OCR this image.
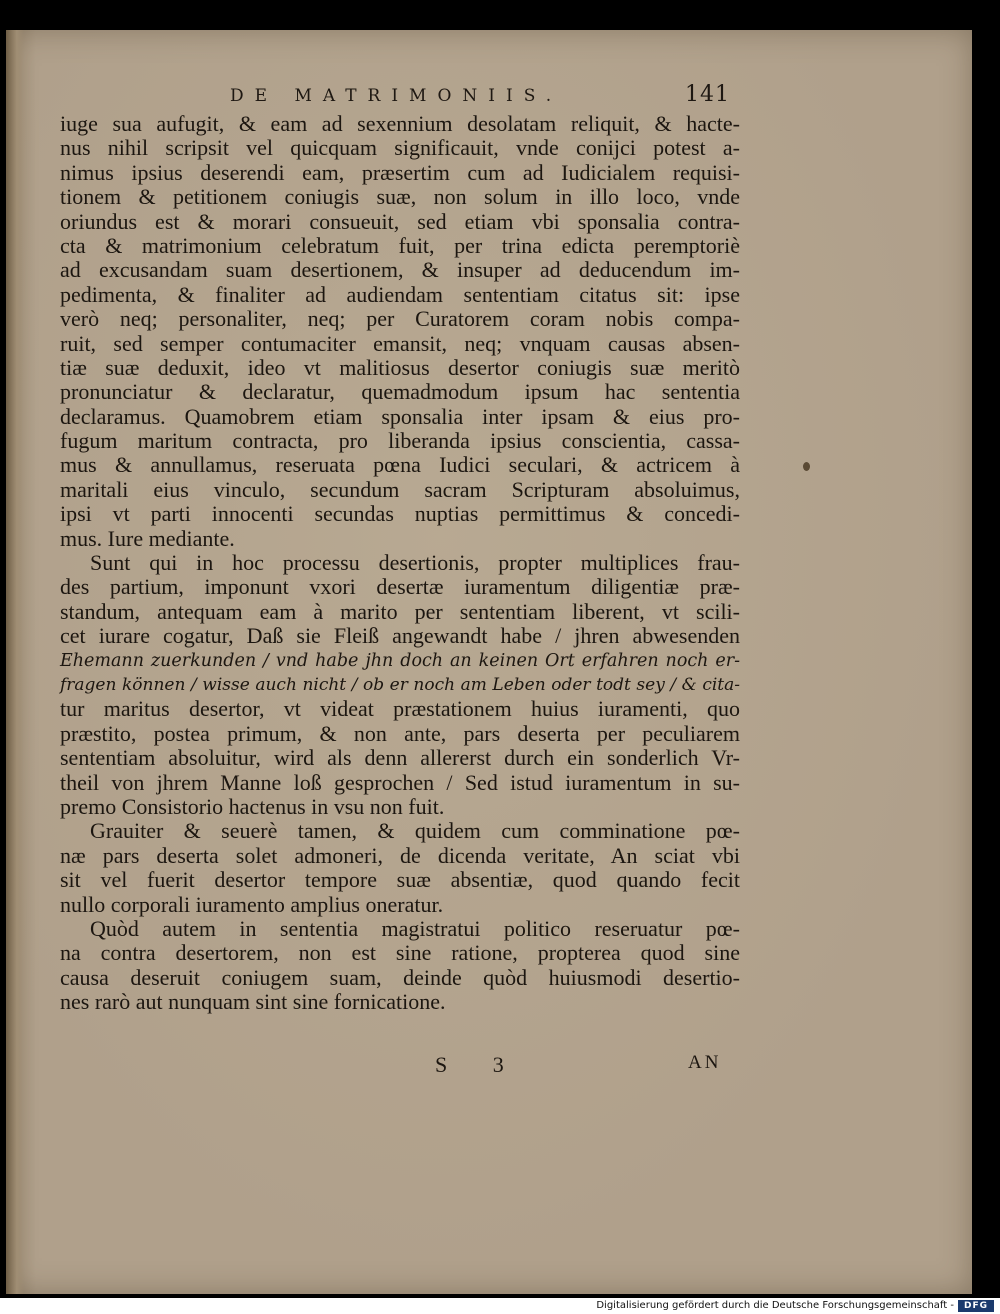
DE MATRIMONIIS.	141
iuge sua aufugit, & eam ad sexennium desolatam reliquit, & hacte-
nus nihil scripsit vel quicquam significauit, vnde conijci potest a-
nimus ipsius deserendi eam, præsertim cum ad Iudicialem requisi-
tionem & petitionem coniugis suæ, non solum in illo loco, vnde
oriundus est & morari consueuit, sed etiam vbi sponsalia contra-
cta & matrimonium celebratum fuit, per trina edicta peremptoriè
ad excusandam suam desertionem, & insuper ad deducendum im-
pedimenta, & finaliter ad audiendam sententiam citatus sit: ipse
verò neq; personaliter, neq; per Curatorem coram nobis compa-
ruit, sed semper contumaciter emansit, neq; vnquam causas absen-
tiæ suæ deduxit, ideo vt malitiosus desertor coniugis suæ meritò
pronunciatur & declaratur, quemadmodum ipsum hac sententia
declaramus. Quamobrem etiam sponsalia inter ipsam & eius pro-
fugum maritum contracta, pro liberanda ipsius conscientia, cassa-
mus & annullamus, reseruata pœna Iudici seculari, & actricem à
maritali eius vinculo, secundum sacram Scripturam absoluimus,
ipsi vt parti innocenti secundas nuptias permittimus & concedi-
mus. Iure mediante.
Sunt qui in hoc processu desertionis, propter multiplices frau-
des partium, imponunt vxori desertæ iuramentum diligentiæ præ-
standum, antequam eam à marito per sententiam liberent, vt scili-
cet iurare cogatur, Daß sie Fleiß angewandt habe / jhren abwesenden
Ehemann zuerkunden / vnd habe jhn doch an keinen Ort erfahren noch er-
fragen können / wisse auch nicht / ob er noch am Leben oder todt sey / & cita-
tur maritus desertor, vt videat præstationem huius iuramenti, quo
præstito, postea primum, & non ante, pars deserta per peculiarem
sententiam absoluitur, wird als denn allererst durch ein sonderlich Vr-
theil von jhrem Manne loß gesprochen / Sed istud iuramentum in su-
premo Consistorio hactenus in vsu non fuit.
Grauiter & seuerè tamen, & quidem cum comminatione pœ-
næ pars deserta solet admoneri, de dicenda veritate, An sciat vbi
sit vel fuerit desertor tempore suæ absentiæ, quod quando fecit
nullo corporali iuramento amplius oneratur.
Quòd autem in sententia magistratui politico reseruatur pœ-
na contra desertorem, non est sine ratione, propterea quod sine
causa deseruit coniugem suam, deinde quòd huiusmodi desertio-
nes rarò aut nunquam sint sine fornicatione.
S 3	AN
Digitalisierung gefördert durch die Deutsche Forschungsgemeinschaft -	DFG
